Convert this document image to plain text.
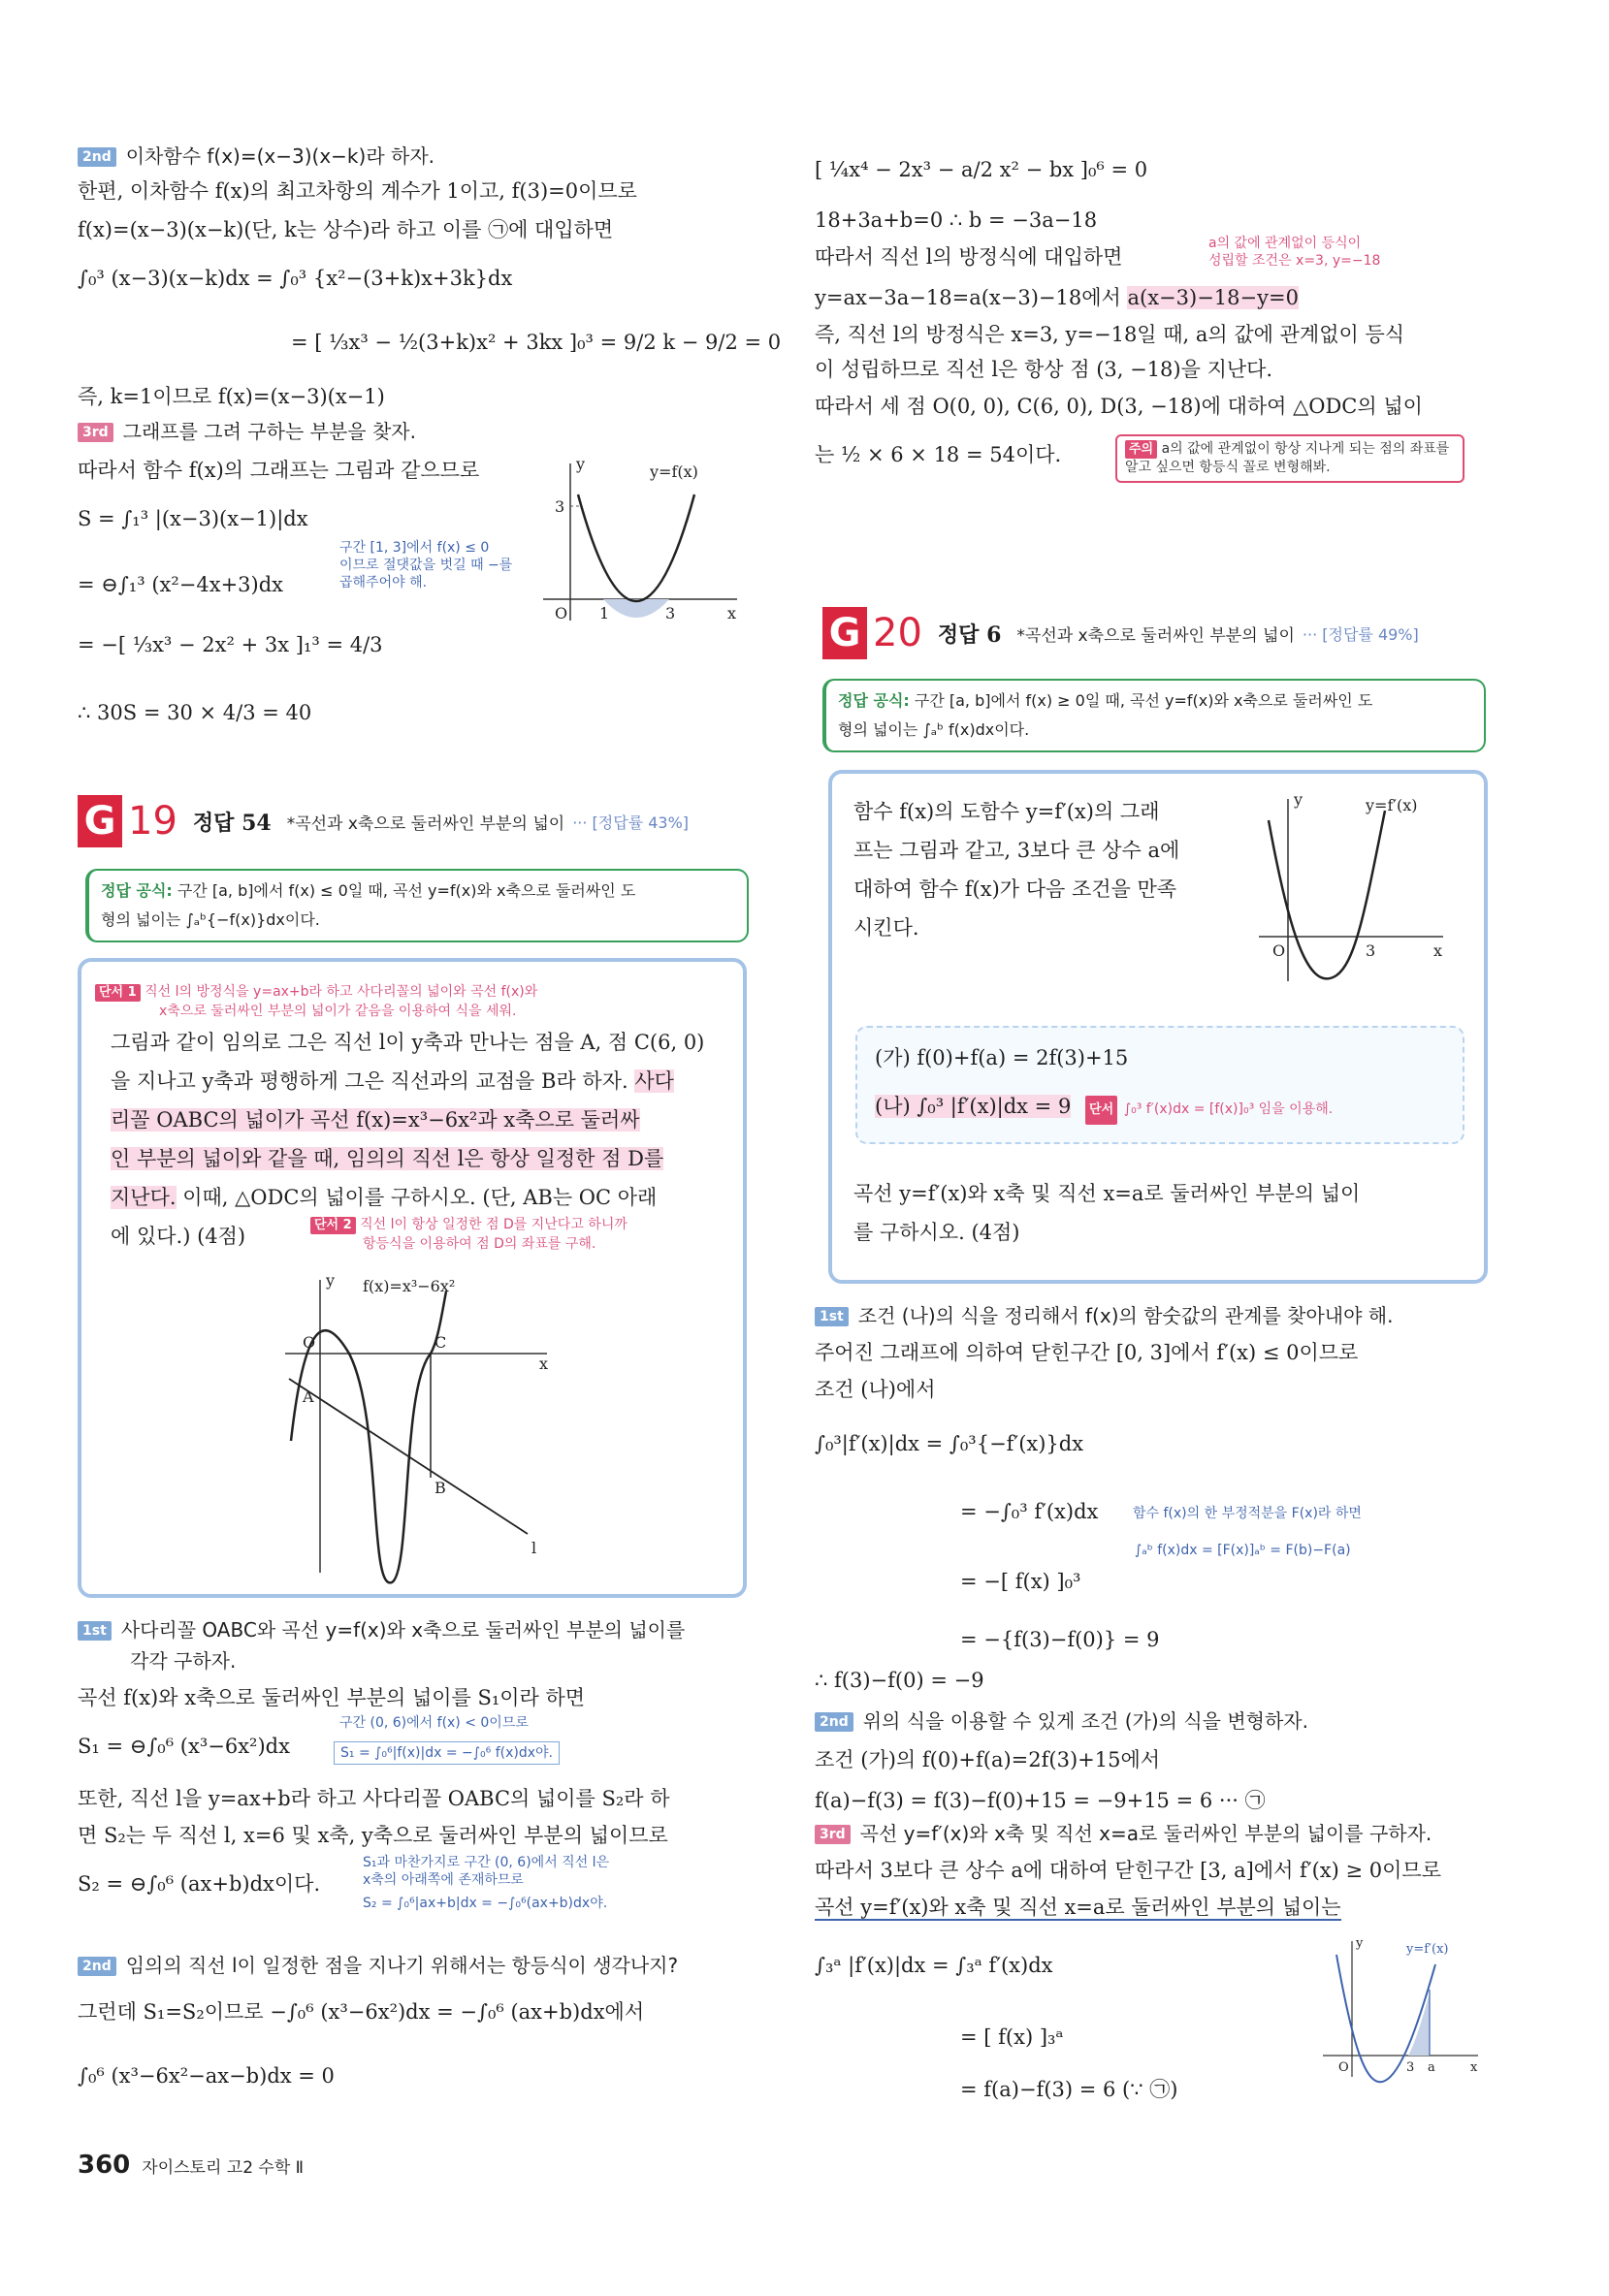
2nd 이차함수 f(x)=(x−3)(x−k)라 하자.
한편, 이차함수 f(x)의 최고차항의 계수가 1이고, f(3)=0이므로
f(x)=(x−3)(x−k)(단, k는 상수)라 하고 이를 ㉠에 대입하면
∫₀³ (x−3)(x−k)dx = ∫₀³ {x²−(3+k)x+3k}dx
= [ ⅓x³ − ½(3+k)x² + 3kx ]₀³ = 9/2 k − 9/2 = 0
즉, k=1이므로 f(x)=(x−3)(x−1)
3rd 그래프를 그려 구하는 부분을 찾자.
따라서 함수 f(x)의 그래프는 그림과 같으므로
S = ∫₁³ |(x−3)(x−1)|dx
구간 [1, 3]에서 f(x) ≤ 0
이므로 절댓값을 벗길 때 −를
곱해주어야 해.
= ⊖∫₁³ (x²−4x+3)dx
= −[ ⅓x³ − 2x² + 3x ]₁³ = 4/3
∴ 30S = 30 × 4/3 = 40
y=f(x)
y
x
O 1	3
3
G 19 정답 54 *곡선과 x축으로 둘러싸인 부분의 넓이 ··· [정답률 43%]
정답 공식: 구간 [a, b]에서 f(x) ≤ 0일 때, 곡선 y=f(x)와 x축으로 둘러싸인 도
형의 넓이는 ∫ₐᵇ{−f(x)}dx이다.
단서 1 직선 l의 방정식을 y=ax+b라 하고 사다리꼴의 넓이와 곡선 f(x)와
x축으로 둘러싸인 부분의 넓이가 같음을 이용하여 식을 세워.
그림과 같이 임의로 그은 직선 l이 y축과 만나는 점을 A, 점 C(6, 0)
을 지나고 y축과 평행하게 그은 직선과의 교점을 B라 하자. 사다
리꼴 OABC의 넓이가 곡선 f(x)=x³−6x²과 x축으로 둘러싸
인 부분의 넓이와 같을 때, 임의의 직선 l은 항상 일정한 점 D를
지난다. 이때, △ODC의 넓이를 구하시오. (단, AB는 OC 아래
에 있다.) (4점)	단서 2 직선 l이 항상 일정한 점 D를 지난다고 하니까
항등식을 이용하여 점 D의 좌표를 구해.
f(x)=x³−6x²
y
x
O	C
A
B
l
1st 사다리꼴 OABC와 곡선 y=f(x)와 x축으로 둘러싸인 부분의 넓이를
각각 구하자.
곡선 f(x)와 x축으로 둘러싸인 부분의 넓이를 S₁이라 하면
S₁ = ⊖∫₀⁶ (x³−6x²)dx
구간 (0, 6)에서 f(x) < 0이므로
S₁ = ∫₀⁶|f(x)|dx = −∫₀⁶ f(x)dx야.
또한, 직선 l을 y=ax+b라 하고 사다리꼴 OABC의 넓이를 S₂라 하
면 S₂는 두 직선 l, x=6 및 x축, y축으로 둘러싸인 부분의 넓이므로
S₂ = ⊖∫₀⁶ (ax+b)dx이다.
S₁과 마찬가지로 구간 (0, 6)에서 직선 l은
x축의 아래쪽에 존재하므로
S₂ = ∫₀⁶|ax+b|dx = −∫₀⁶(ax+b)dx야.
2nd 임의의 직선 l이 일정한 점을 지나기 위해서는 항등식이 생각나지?
그런데 S₁=S₂이므로 −∫₀⁶ (x³−6x²)dx = −∫₀⁶ (ax+b)dx에서
∫₀⁶ (x³−6x²−ax−b)dx = 0
[ ¼x⁴ − 2x³ − a/2 x² − bx ]₀⁶ = 0
18+3a+b=0 ∴ b = −3a−18
a의 값에 관계없이 등식이
성립할 조건은 x=3, y=−18
따라서 직선 l의 방정식에 대입하면
y=ax−3a−18=a(x−3)−18에서 a(x−3)−18−y=0
즉, 직선 l의 방정식은 x=3, y=−18일 때, a의 값에 관계없이 등식
이 성립하므로 직선 l은 항상 점 (3, −18)을 지난다.
따라서 세 점 O(0, 0), C(6, 0), D(3, −18)에 대하여 △ODC의 넓이
는 ½ × 6 × 18 = 54이다.	주의 a의 값에 관계없이 항상 지나게 되는 점의 좌표를
알고 싶으면 항등식 꼴로 변형해봐.
G 20 정답 6 *곡선과 x축으로 둘러싸인 부분의 넓이 ··· [정답률 49%]
정답 공식: 구간 [a, b]에서 f(x) ≥ 0일 때, 곡선 y=f(x)와 x축으로 둘러싸인 도
형의 넓이는 ∫ₐᵇ f(x)dx이다.
함수 f(x)의 도함수 y=f′(x)의 그래
프는 그림과 같고, 3보다 큰 상수 a에
대하여 함수 f(x)가 다음 조건을 만족
시킨다.
y=f′(x)
y
x
O	3
(가) f(0)+f(a) = 2f(3)+15
(나) ∫₀³ |f′(x)|dx = 9 단서 ∫₀³ f′(x)dx = [f(x)]₀³ 임을 이용해.
곡선 y=f′(x)와 x축 및 직선 x=a로 둘러싸인 부분의 넓이
를 구하시오. (4점)
1st 조건 (나)의 식을 정리해서 f(x)의 함숫값의 관계를 찾아내야 해.
주어진 그래프에 의하여 닫힌구간 [0, 3]에서 f′(x) ≤ 0이므로
조건 (나)에서
∫₀³|f′(x)|dx = ∫₀³{−f′(x)}dx
= −∫₀³ f′(x)dx	함수 f(x)의 한 부정적분을 F(x)라 하면
∫ₐᵇ f(x)dx = [F(x)]ₐᵇ = F(b)−F(a)
= −[ f(x) ]₀³
= −{f(3)−f(0)} = 9
∴ f(3)−f(0) = −9
2nd 위의 식을 이용할 수 있게 조건 (가)의 식을 변형하자.
조건 (가)의 f(0)+f(a)=2f(3)+15에서
f(a)−f(3) = f(3)−f(0)+15 = −9+15 = 6 ··· ㉠
3rd 곡선 y=f′(x)와 x축 및 직선 x=a로 둘러싸인 부분의 넓이를 구하자.
따라서 3보다 큰 상수 a에 대하여 닫힌구간 [3, a]에서 f′(x) ≥ 0이므로
곡선 y=f′(x)와 x축 및 직선 x=a로 둘러싸인 부분의 넓이는
∫₃ᵃ |f′(x)|dx = ∫₃ᵃ f′(x)dx
= [ f(x) ]₃ᵃ
= f(a)−f(3) = 6 (∵ ㉠)
y=f′(x)
y
x
O	3 a
360 자이스토리 고2 수학 Ⅱ
